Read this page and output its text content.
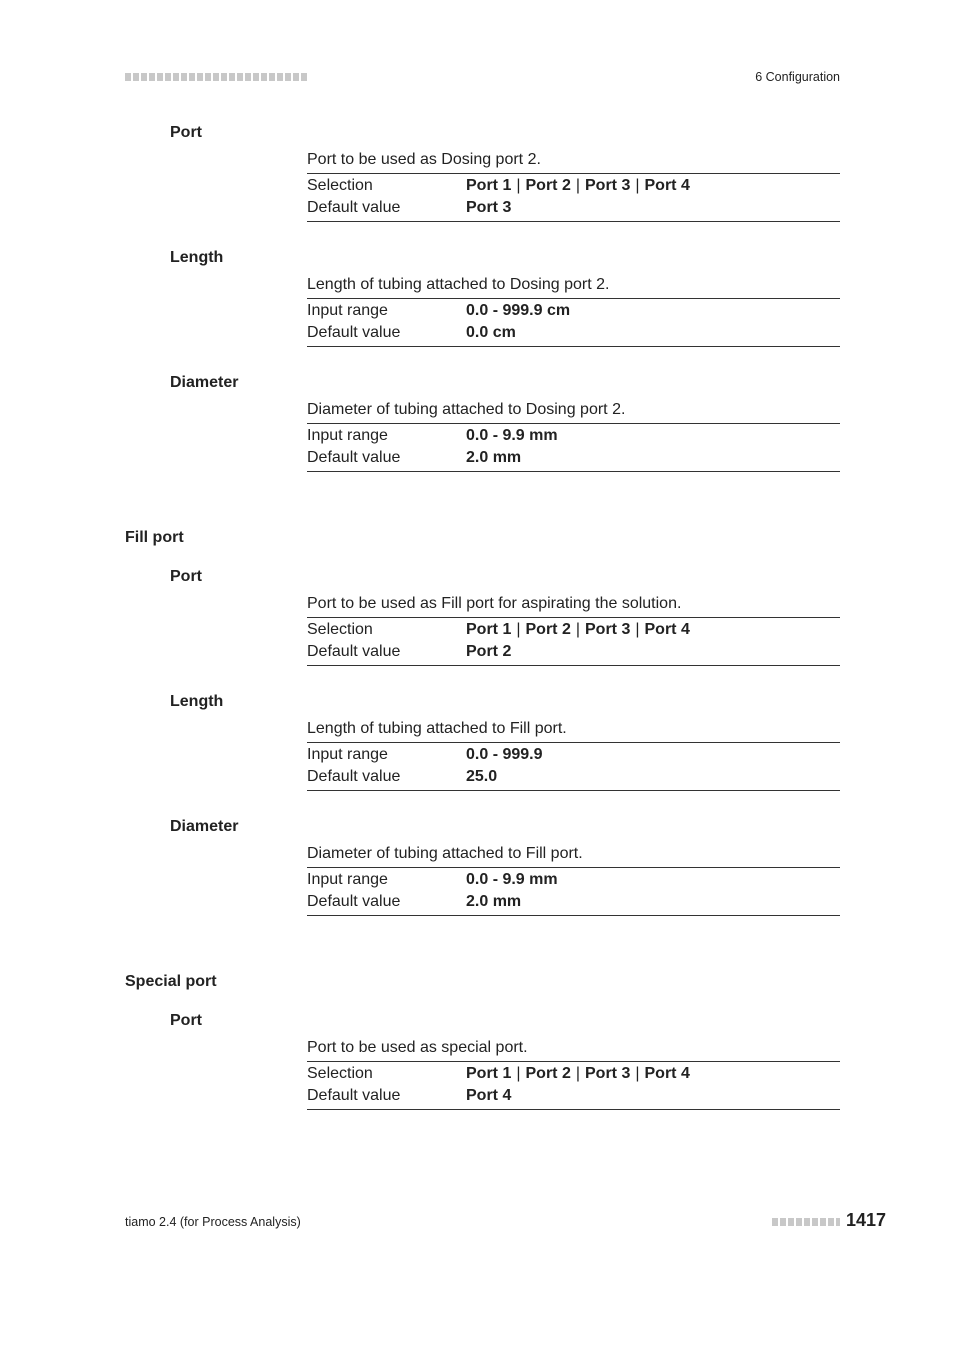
6 Configuration
Port
Port to be used as Dosing port 2.
Selection	Port 1 | Port 2 | Port 3 | Port 4
Default value	Port 3
Length
Length of tubing attached to Dosing port 2.
Input range	0.0 - 999.9 cm
Default value	0.0 cm
Diameter
Diameter of tubing attached to Dosing port 2.
Input range	0.0 - 9.9 mm
Default value	2.0 mm
Fill port
Port
Port to be used as Fill port for aspirating the solution.
Selection	Port 1 | Port 2 | Port 3 | Port 4
Default value	Port 2
Length
Length of tubing attached to Fill port.
Input range	0.0 - 999.9
Default value	25.0
Diameter
Diameter of tubing attached to Fill port.
Input range	0.0 - 9.9 mm
Default value	2.0 mm
Special port
Port
Port to be used as special port.
Selection	Port 1 | Port 2 | Port 3 | Port 4
Default value	Port 4
tiamo 2.4 (for Process Analysis)	1417
